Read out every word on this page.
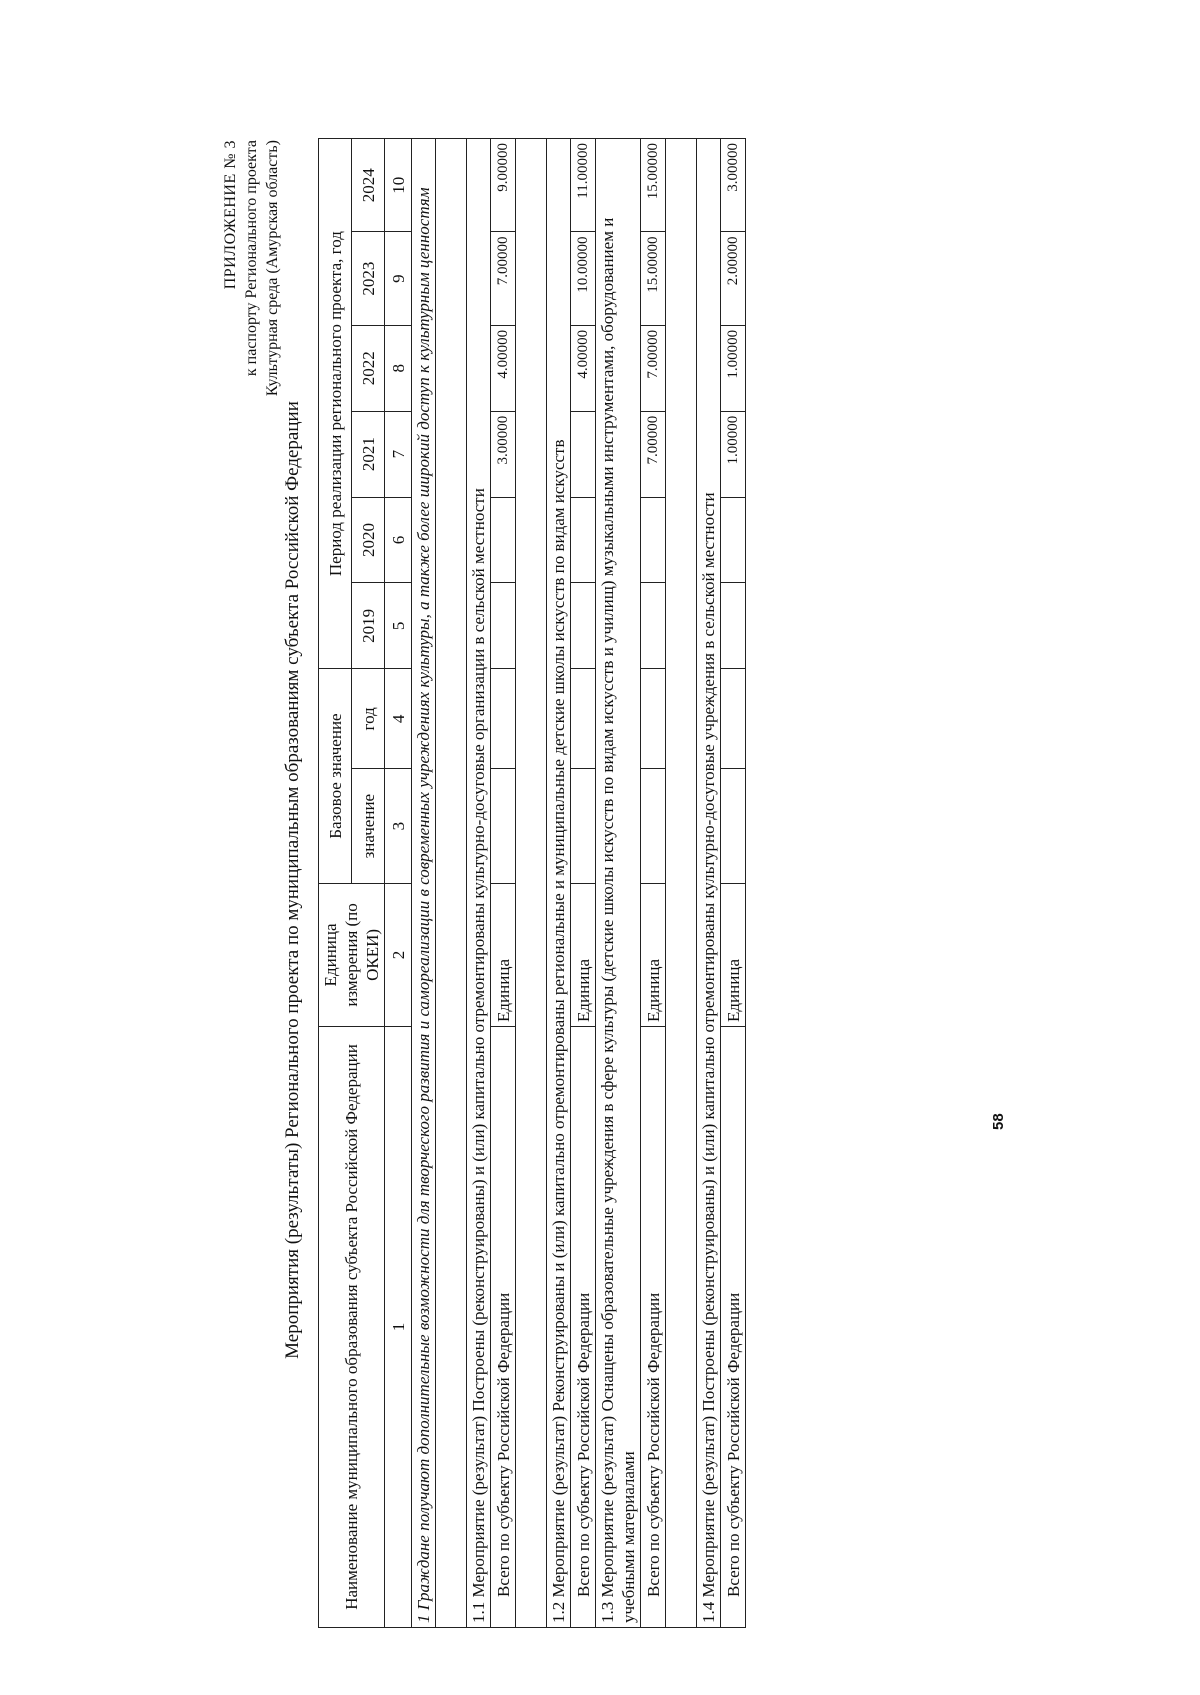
ПРИЛОЖЕНИЕ № 3 к паспорту Регионального проекта Культурная среда (Амурская область)
Мероприятия (результаты) Регионального проекта по муниципальным образованиям субъекта Российской Федерации Наименование муниципального образования субъекта Российской Федерации	Единица измерения (по ОКЕИ)	Базовое значение		Период реализации регионального проекта, год					
		значение	год	2019	2020	2021	2022	2023	2024
1	2	3	4	5	6	7	8	9	10
1 Граждане получают дополнительные возможности для творческого развития и самореализации в современных учреждениях культуры, а также более широкий доступ к культурным ценностям									

1.1 Мероприятие (результат) Построены (реконструированы) и (или) капитально отремонтированы культурно-досуговые организации в сельской местности									
Всего по субъекту Российской Федерации	Единица					3.00000	4.00000	7.00000	9.00000

1.2 Мероприятие (результат) Реконструированы и (или) капитально отремонтированы региональные и муниципальные детские школы искусств по видам искусств									
Всего по субъекту Российской Федерации	Единица						4.00000	10.00000	11.00000
1.3 Мероприятие (результат) Оснащены образовательные учреждения в сфере культуры (детские школы искусств по видам искусств и училищ) музыкальными инструментами, оборудованием и учебными материалами									
Всего по субъекту Российской Федерации	Единица					7.00000	7.00000	15.00000	15.00000

1.4 Мероприятие (результат) Построены (реконструированы) и (или) капитально отремонтированы культурно-досуговые учреждения в сельской местности									
Всего по субъекту Российской Федерации	Единица					1.00000	1.00000	2.00000	3.00000
58
